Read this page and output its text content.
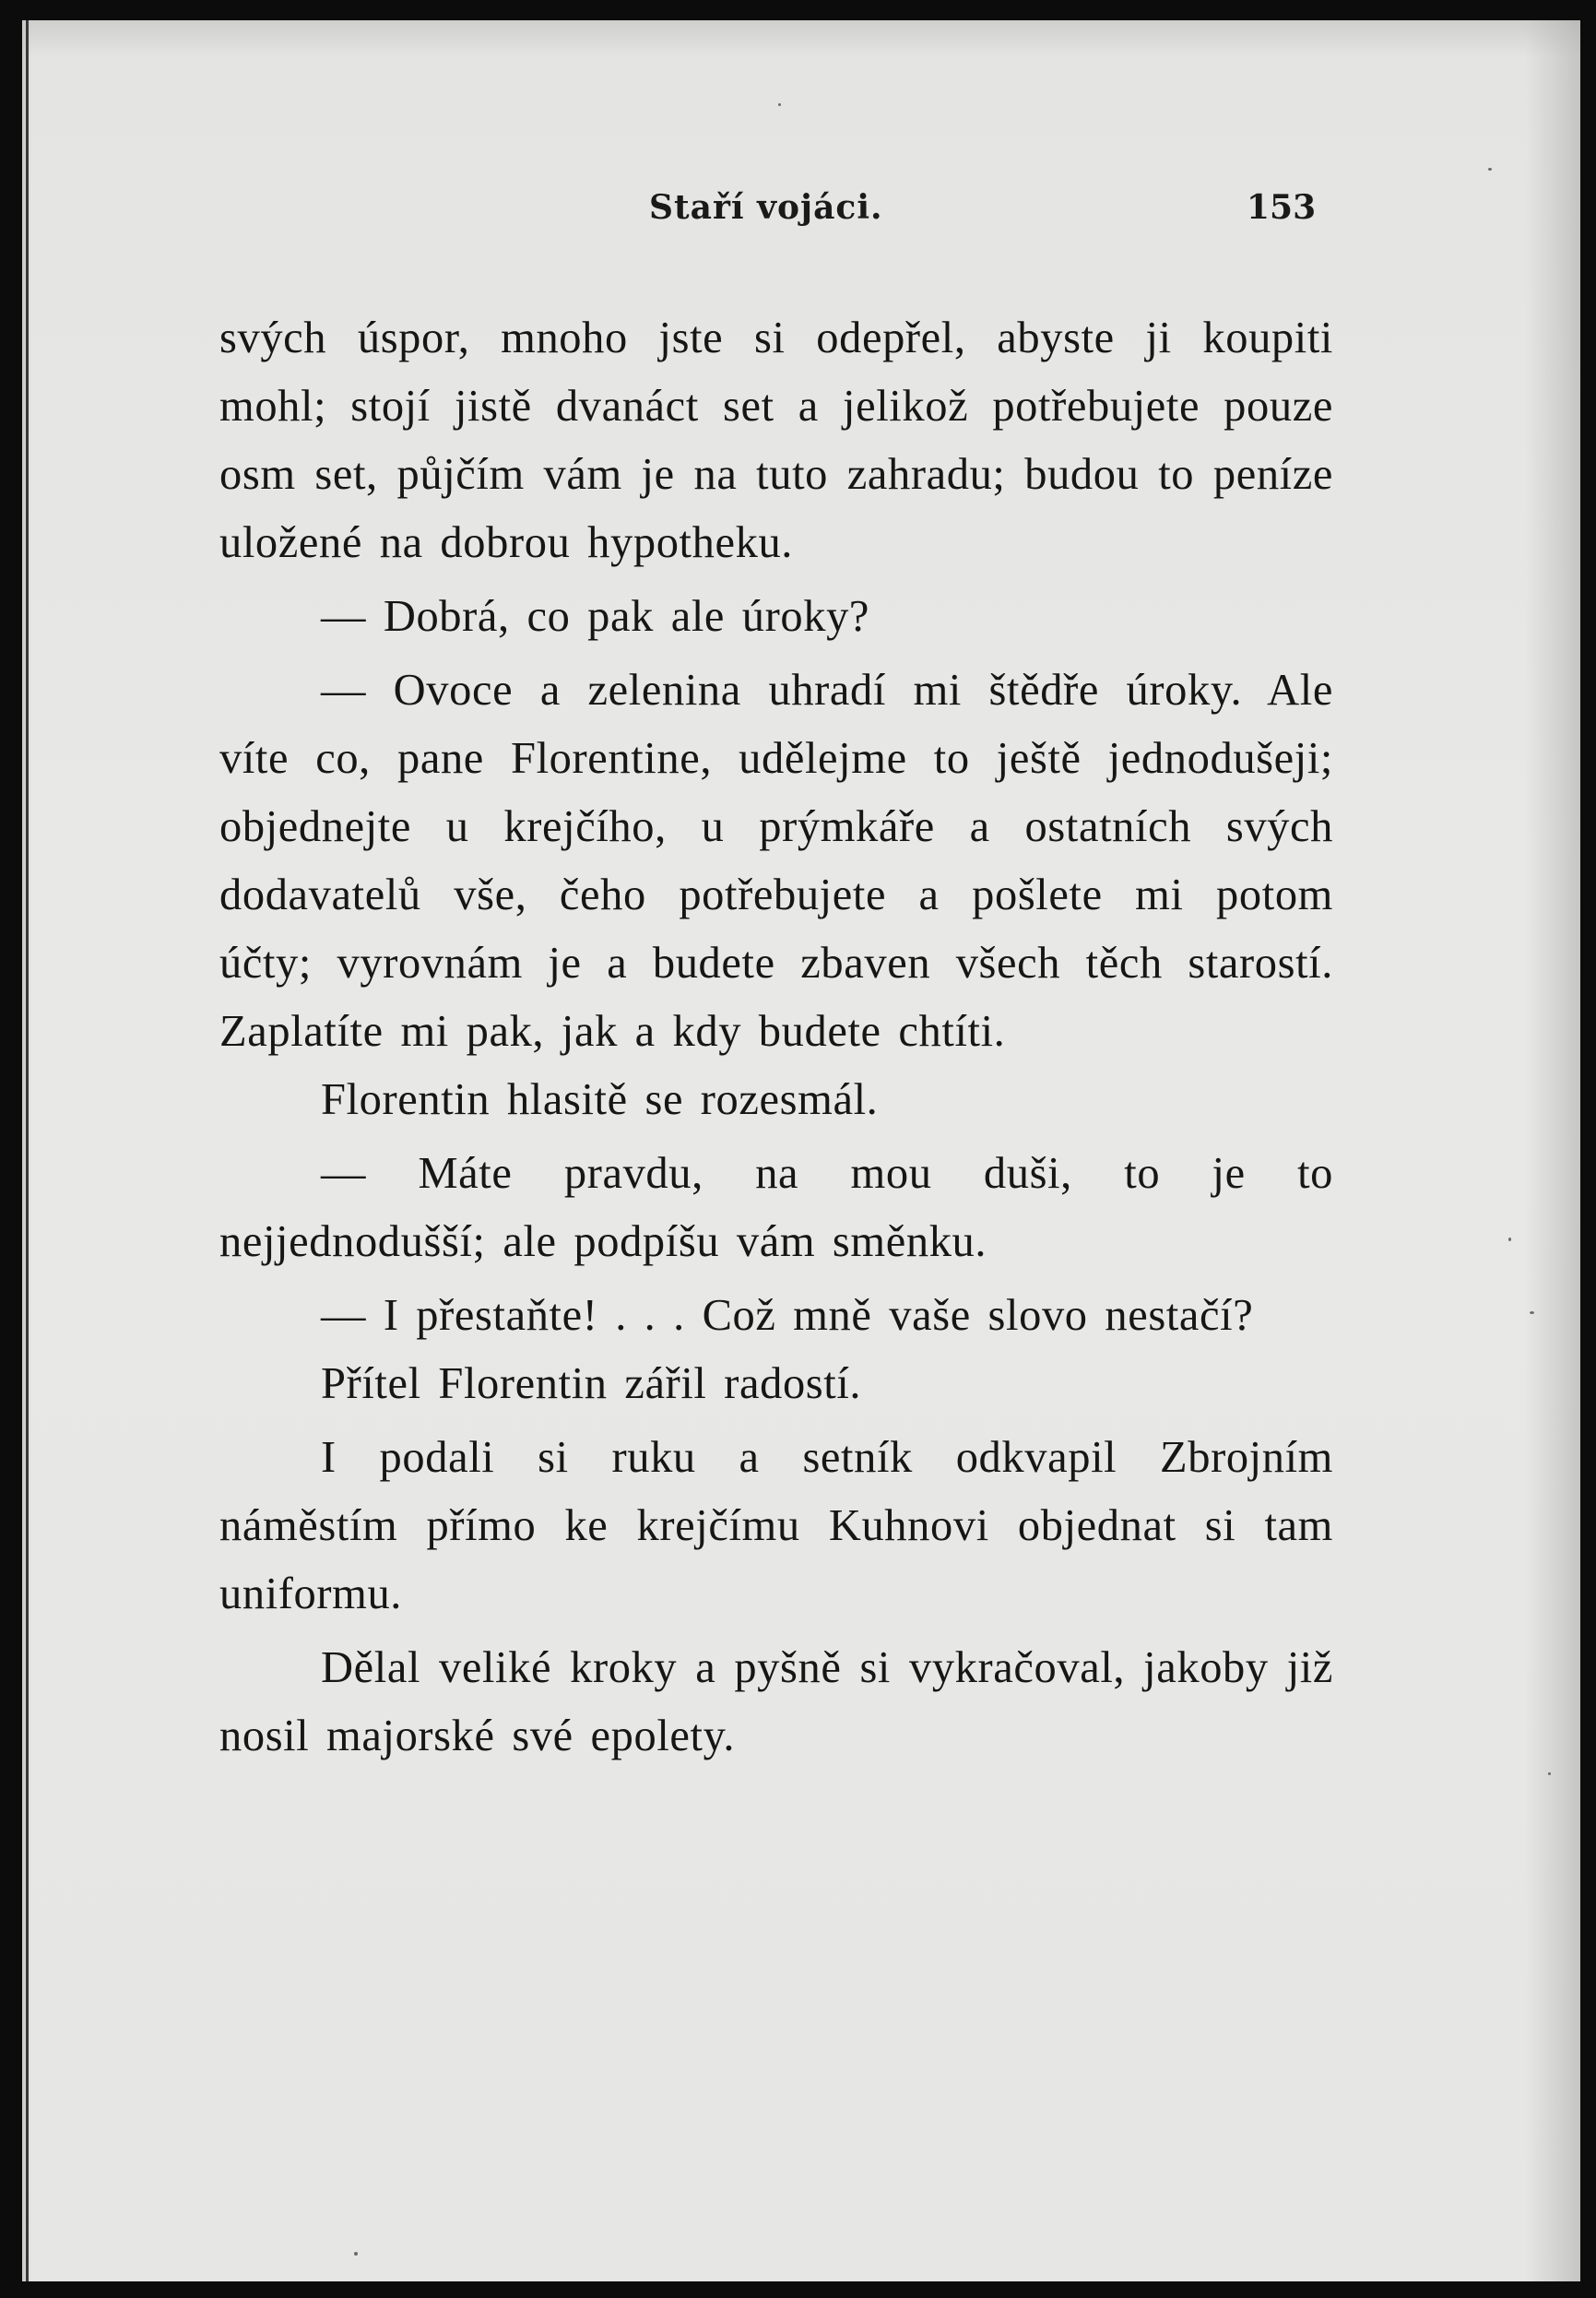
Staří vojáci.	153

svých úspor, mnoho jste si odepřel, abyste ji koupiti mohl; stojí jistě dvanáct set a jelikož potřebujete pouze osm set, půjčím vám je na tuto zahradu; budou to peníze uložené na dobrou hypotheku.

— Dobrá, co pak ale úroky?

— Ovoce a zelenina uhradí mi štědře úroky. Ale víte co, pane Florentine, udělejme to ještě jednodušeji; objednejte u krejčího, u prýmkáře a ostatních svých dodavatelů vše, čeho potřebujete a pošlete mi potom účty; vyrovnám je a budete zbaven všech těch starostí. Zaplatíte mi pak, jak a kdy budete chtíti.

Florentin hlasitě se rozesmál.

— Máte pravdu, na mou duši, to je to nejjednodušší; ale podpíšu vám směnku.

— I přestaňte! . . . Což mně vaše slovo nestačí?

Přítel Florentin zářil radostí.

I podali si ruku a setník odkvapil Zbrojním náměstím přímo ke krejčímu Kuhnovi objednat si tam uniformu.

Dělal veliké kroky a pyšně si vykračoval, jakoby již nosil majorské své epolety.
